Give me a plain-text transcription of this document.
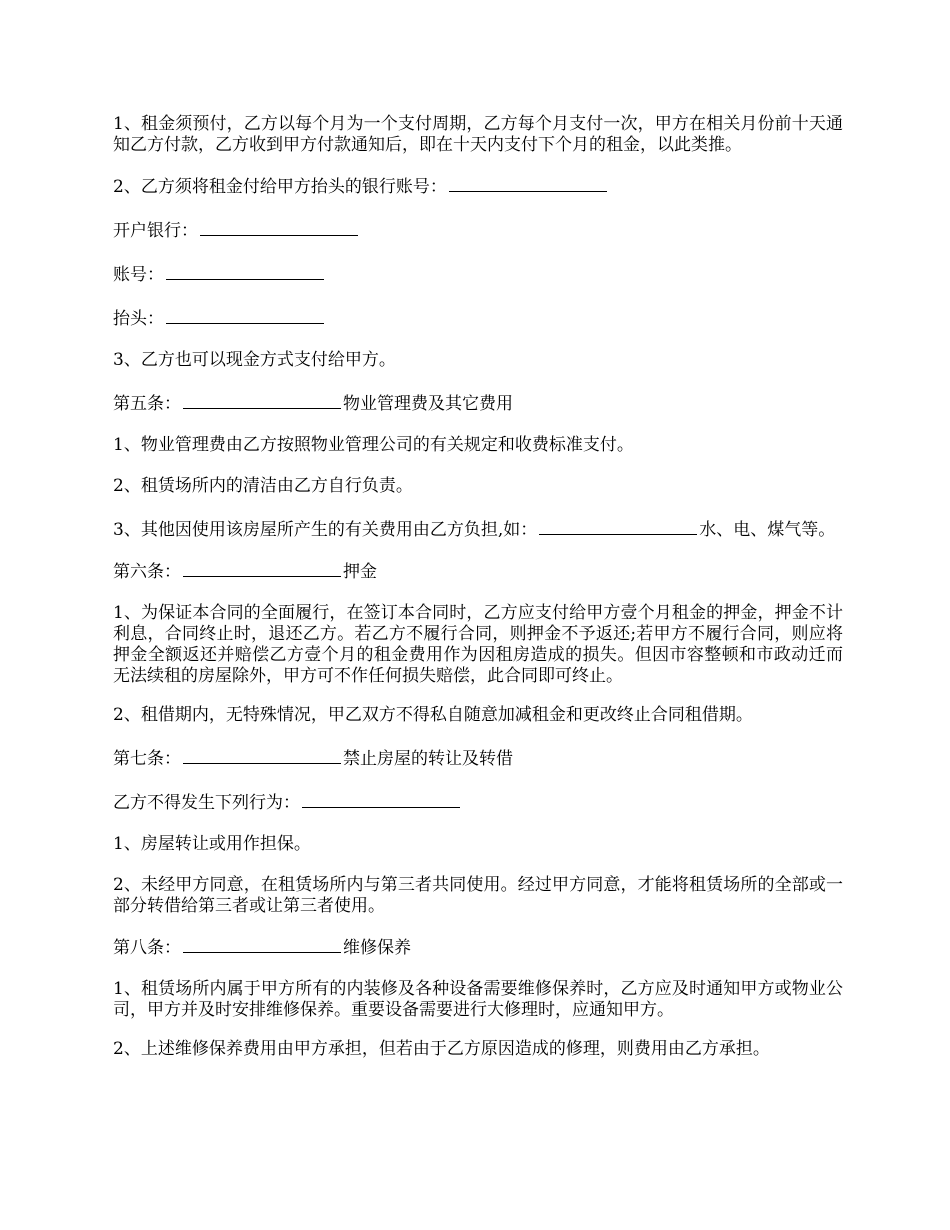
1、租金须预付，乙方以每个月为一个支付周期，乙方每个月支付一次，甲方在相关月份前十天通知乙方付款，乙方收到甲方付款通知后，即在十天内支付下个月的租金，以此类推。

2、乙方须将租金付给甲方抬头的银行账号：

开户银行：

账号：

抬头：

3、乙方也可以现金方式支付给甲方。

第五条：	物业管理费及其它费用

1、物业管理费由乙方按照物业管理公司的有关规定和收费标准支付。

2、租赁场所内的清洁由乙方自行负责。

3、其他因使用该房屋所产生的有关费用由乙方负担,如：	水、电、煤气等。

第六条：	押金

1、为保证本合同的全面履行，在签订本合同时，乙方应支付给甲方壹个月租金的押金，押金不计利息，合同终止时，退还乙方。若乙方不履行合同，则押金不予返还;若甲方不履行合同，则应将押金全额返还并赔偿乙方壹个月的租金费用作为因租房造成的损失。但因市容整顿和市政动迁而无法续租的房屋除外，甲方可不作任何损失赔偿，此合同即可终止。

2、租借期内，无特殊情况，甲乙双方不得私自随意加减租金和更改终止合同租借期。

第七条：	禁止房屋的转让及转借

乙方不得发生下列行为：

1、房屋转让或用作担保。

2、未经甲方同意，在租赁场所内与第三者共同使用。经过甲方同意，才能将租赁场所的全部或一部分转借给第三者或让第三者使用。

第八条：	维修保养

1、租赁场所内属于甲方所有的内装修及各种设备需要维修保养时，乙方应及时通知甲方或物业公司，甲方并及时安排维修保养。重要设备需要进行大修理时，应通知甲方。

2、上述维修保养费用由甲方承担，但若由于乙方原因造成的修理，则费用由乙方承担。
